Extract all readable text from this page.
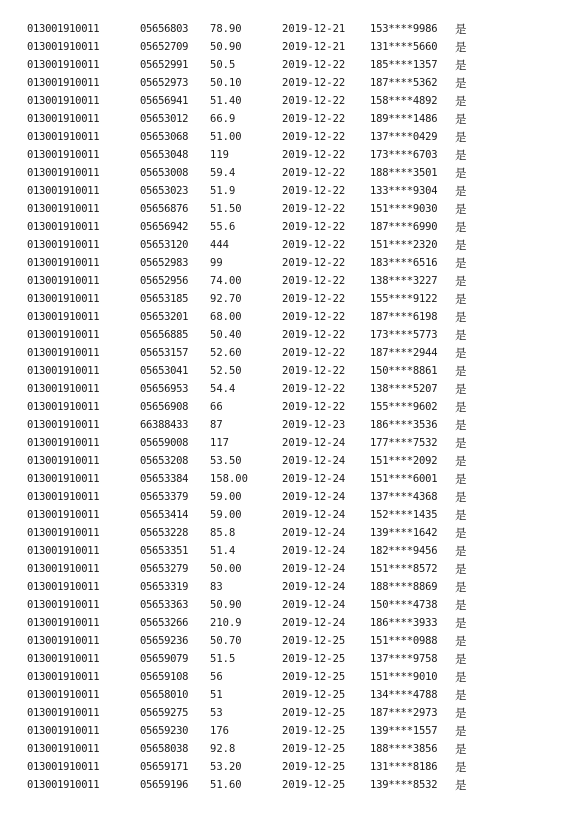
013001910011	05656803 78.90	2019-12-21 153****9986 是
013001910011	05652709 50.90	2019-12-21 131****5660 是
013001910011	05652991 50.5	2019-12-22 185****1357 是
013001910011	05652973 50.10	2019-12-22 187****5362 是
013001910011	05656941 51.40	2019-12-22 158****4892 是
013001910011	05653012 66.9	2019-12-22 189****1486 是
013001910011	05653068 51.00	2019-12-22 137****0429 是
013001910011	05653048 119	2019-12-22 173****6703 是
013001910011	05653008 59.4	2019-12-22 188****3501 是
013001910011	05653023 51.9	2019-12-22 133****9304 是
013001910011	05656876 51.50	2019-12-22 151****9030 是
013001910011	05656942 55.6	2019-12-22 187****6990 是
013001910011	05653120 444	2019-12-22 151****2320 是
013001910011	05652983 99	2019-12-22 183****6516 是
013001910011	05652956 74.00	2019-12-22 138****3227 是
013001910011	05653185 92.70	2019-12-22 155****9122 是
013001910011	05653201 68.00	2019-12-22 187****6198 是
013001910011	05656885 50.40	2019-12-22 173****5773 是
013001910011	05653157 52.60	2019-12-22 187****2944 是
013001910011	05653041 52.50	2019-12-22 150****8861 是
013001910011	05656953 54.4	2019-12-22 138****5207 是
013001910011	05656908 66	2019-12-22 155****9602 是
013001910011	66388433 87	2019-12-23 186****3536 是
013001910011	05659008 117	2019-12-24 177****7532 是
013001910011	05653208 53.50	2019-12-24 151****2092 是
013001910011	05653384 158.00	2019-12-24 151****6001 是
013001910011	05653379 59.00	2019-12-24 137****4368 是
013001910011	05653414 59.00	2019-12-24 152****1435 是
013001910011	05653228 85.8	2019-12-24 139****1642 是
013001910011	05653351 51.4	2019-12-24 182****9456 是
013001910011	05653279 50.00	2019-12-24 151****8572 是
013001910011	05653319 83	2019-12-24 188****8869 是
013001910011	05653363 50.90	2019-12-24 150****4738 是
013001910011	05653266 210.9	2019-12-24 186****3933 是
013001910011	05659236 50.70	2019-12-25 151****0988 是
013001910011	05659079 51.5	2019-12-25 137****9758 是
013001910011	05659108 56	2019-12-25 151****9010 是
013001910011	05658010 51	2019-12-25 134****4788 是
013001910011	05659275 53	2019-12-25 187****2973 是
013001910011	05659230 176	2019-12-25 139****1557 是
013001910011	05658038 92.8	2019-12-25 188****3856 是
013001910011	05659171 53.20	2019-12-25 131****8186 是
013001910011	05659196 51.60	2019-12-25 139****8532 是
